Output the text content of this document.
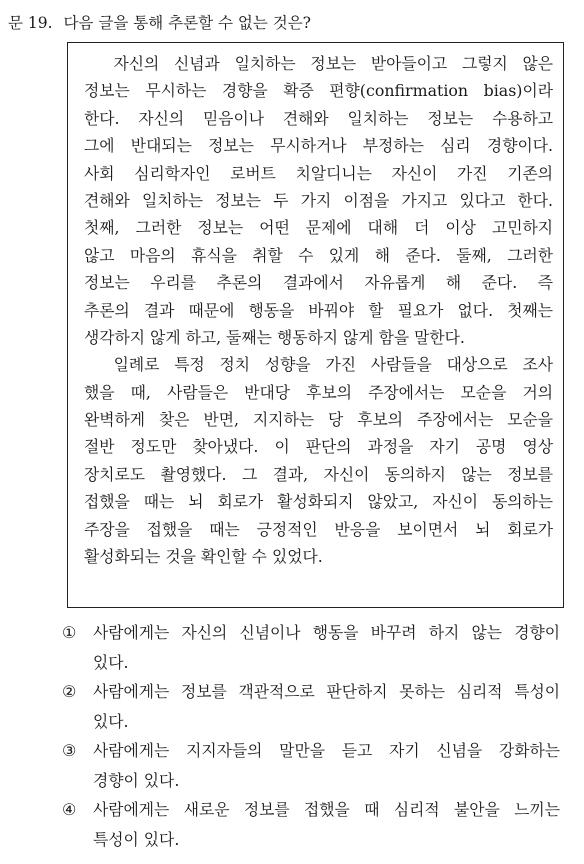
문 19. 다음 글을 통해 추론할 수 없는 것은?
자신의 신념과 일치하는 정보는 받아들이고 그렇지 않은
정보는 무시하는 경향을 확증 편향(confirmation bias)이라
한다. 자신의 믿음이나 견해와 일치하는 정보는 수용하고
그에 반대되는 정보는 무시하거나 부정하는 심리 경향이다.
사회 심리학자인 로버트 치알디니는 자신이 가진 기존의
견해와 일치하는 정보는 두 가지 이점을 가지고 있다고 한다.
첫째, 그러한 정보는 어떤 문제에 대해 더 이상 고민하지
않고 마음의 휴식을 취할 수 있게 해 준다. 둘째, 그러한
정보는 우리를 추론의 결과에서 자유롭게 해 준다. 즉
추론의 결과 때문에 행동을 바꿔야 할 필요가 없다. 첫째는
생각하지 않게 하고, 둘째는 행동하지 않게 함을 말한다.
일례로 특정 정치 성향을 가진 사람들을 대상으로 조사
했을 때, 사람들은 반대당 후보의 주장에서는 모순을 거의
완벽하게 찾은 반면, 지지하는 당 후보의 주장에서는 모순을
절반 정도만 찾아냈다. 이 판단의 과정을 자기 공명 영상
장치로도 촬영했다. 그 결과, 자신이 동의하지 않는 정보를
접했을 때는 뇌 회로가 활성화되지 않았고, 자신이 동의하는
주장을 접했을 때는 긍정적인 반응을 보이면서 뇌 회로가
활성화되는 것을 확인할 수 있었다.
① 사람에게는 자신의 신념이나 행동을 바꾸려 하지 않는 경향이
있다.
② 사람에게는 정보를 객관적으로 판단하지 못하는 심리적 특성이
있다.
③ 사람에게는 지지자들의 말만을 듣고 자기 신념을 강화하는
경향이 있다.
④ 사람에게는 새로운 정보를 접했을 때 심리적 불안을 느끼는
특성이 있다.
